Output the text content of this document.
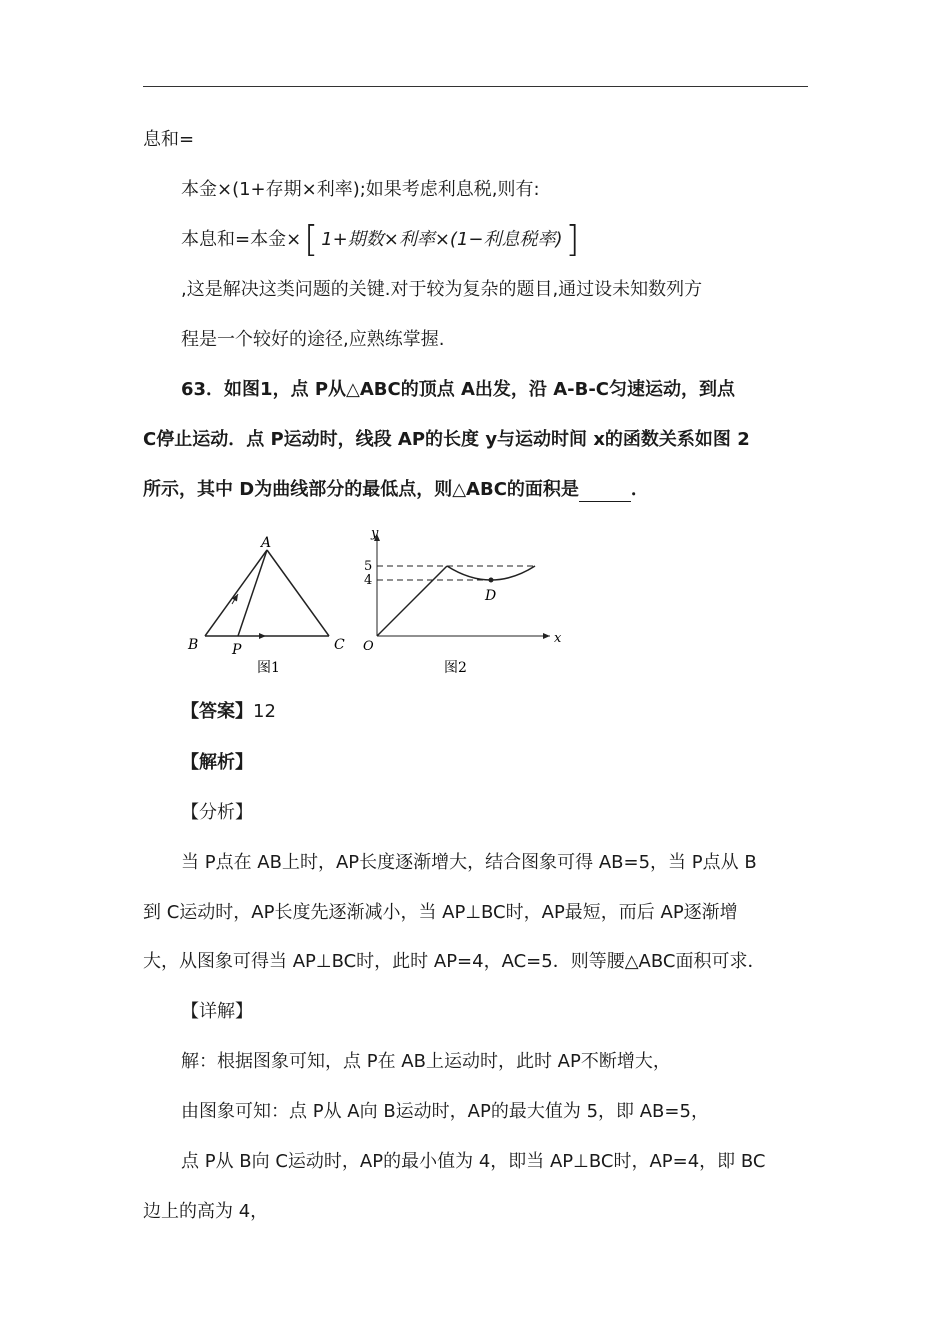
息和=
本金×(1+存期×利率);如果考虑利息税,则有:
本息和=本金× [ 1+期数×利率×(1−利息税率) ]
,这是解决这类问题的关键.对于较为复杂的题目,通过设未知数列方
程是一个较好的途径,应熟练掌握.
63．如图1，点 P从△ABC的顶点 A出发，沿 A‐B‐C匀速运动，到点
C停止运动．点 P运动时，线段 AP的长度 y与运动时间 x的函数关系如图 2
所示，其中 D为曲线部分的最低点，则△ABC的面积是	．
A
B	C
P
图1
y
x
O
5
4
D
图2
【答案】12
【解析】
【分析】
当 P点在 AB上时，AP长度逐渐增大，结合图象可得 AB=5，当 P点从 B
到 C运动时，AP长度先逐渐减小，当 AP⊥BC时，AP最短，而后 AP逐渐增
大，从图象可得当 AP⊥BC时，此时 AP=4，AC=5．则等腰△ABC面积可求．
【详解】
解：根据图象可知，点 P在 AB上运动时，此时 AP不断增大，
由图象可知：点 P从 A向 B运动时，AP的最大值为 5，即 AB=5，
点 P从 B向 C运动时，AP的最小值为 4，即当 AP⊥BC时，AP=4，即 BC
边上的高为 4，
